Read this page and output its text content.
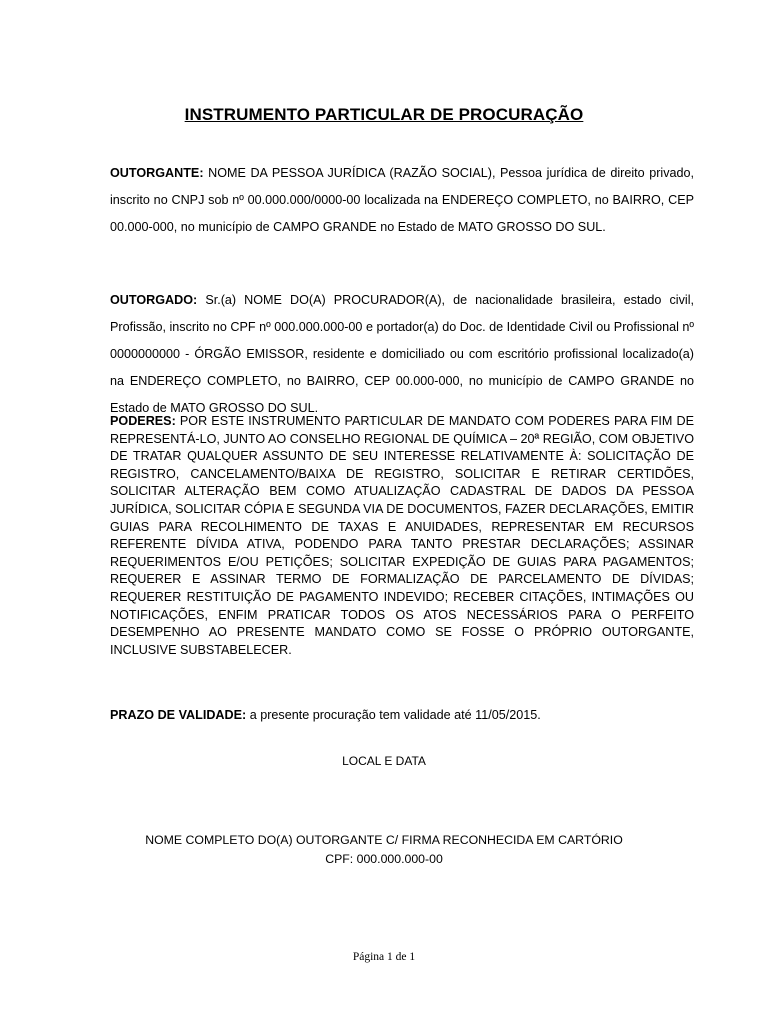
INSTRUMENTO PARTICULAR DE PROCURAÇÃO
OUTORGANTE: NOME DA PESSOA JURÍDICA (RAZÃO SOCIAL), Pessoa jurídica de direito privado, inscrito no CNPJ sob nº 00.000.000/0000-00 localizada na ENDEREÇO COMPLETO, no BAIRRO, CEP 00.000-000, no município de CAMPO GRANDE no Estado de MATO GROSSO DO SUL.
OUTORGADO: Sr.(a) NOME DO(A) PROCURADOR(A), de nacionalidade brasileira, estado civil, Profissão, inscrito no CPF nº 000.000.000-00 e portador(a) do Doc. de Identidade Civil ou Profissional nº 0000000000 - ÓRGÃO EMISSOR, residente e domiciliado ou com escritório profissional localizado(a) na ENDEREÇO COMPLETO, no BAIRRO, CEP 00.000-000, no município de CAMPO GRANDE no Estado de MATO GROSSO DO SUL.
PODERES: POR ESTE INSTRUMENTO PARTICULAR DE MANDATO COM PODERES PARA FIM DE REPRESENTÁ-LO, JUNTO AO CONSELHO REGIONAL DE QUÍMICA – 20ª REGIÃO, COM OBJETIVO DE TRATAR QUALQUER ASSUNTO DE SEU INTERESSE RELATIVAMENTE À: SOLICITAÇÃO DE REGISTRO, CANCELAMENTO/BAIXA DE REGISTRO, SOLICITAR E RETIRAR CERTIDÕES, SOLICITAR ALTERAÇÃO BEM COMO ATUALIZAÇÃO CADASTRAL DE DADOS DA PESSOA JURÍDICA, SOLICITAR CÓPIA E SEGUNDA VIA DE DOCUMENTOS, FAZER DECLARAÇÕES, EMITIR GUIAS PARA RECOLHIMENTO DE TAXAS E ANUIDADES, REPRESENTAR EM RECURSOS REFERENTE DÍVIDA ATIVA, PODENDO PARA TANTO PRESTAR DECLARAÇÕES; ASSINAR REQUERIMENTOS E/OU PETIÇÕES; SOLICITAR EXPEDIÇÃO DE GUIAS PARA PAGAMENTOS; REQUERER E ASSINAR TERMO DE FORMALIZAÇÃO DE PARCELAMENTO DE DÍVIDAS; REQUERER RESTITUIÇÃO DE PAGAMENTO INDEVIDO; RECEBER CITAÇÕES, INTIMAÇÕES OU NOTIFICAÇÕES, ENFIM PRATICAR TODOS OS ATOS NECESSÁRIOS PARA O PERFEITO DESEMPENHO AO PRESENTE MANDATO COMO SE FOSSE O PRÓPRIO OUTORGANTE, INCLUSIVE SUBSTABELECER.
PRAZO DE VALIDADE: a presente procuração tem validade até 11/05/2015.
LOCAL E DATA
NOME COMPLETO DO(A) OUTORGANTE C/ FIRMA RECONHECIDA EM CARTÓRIO
CPF: 000.000.000-00
Página 1 de 1
